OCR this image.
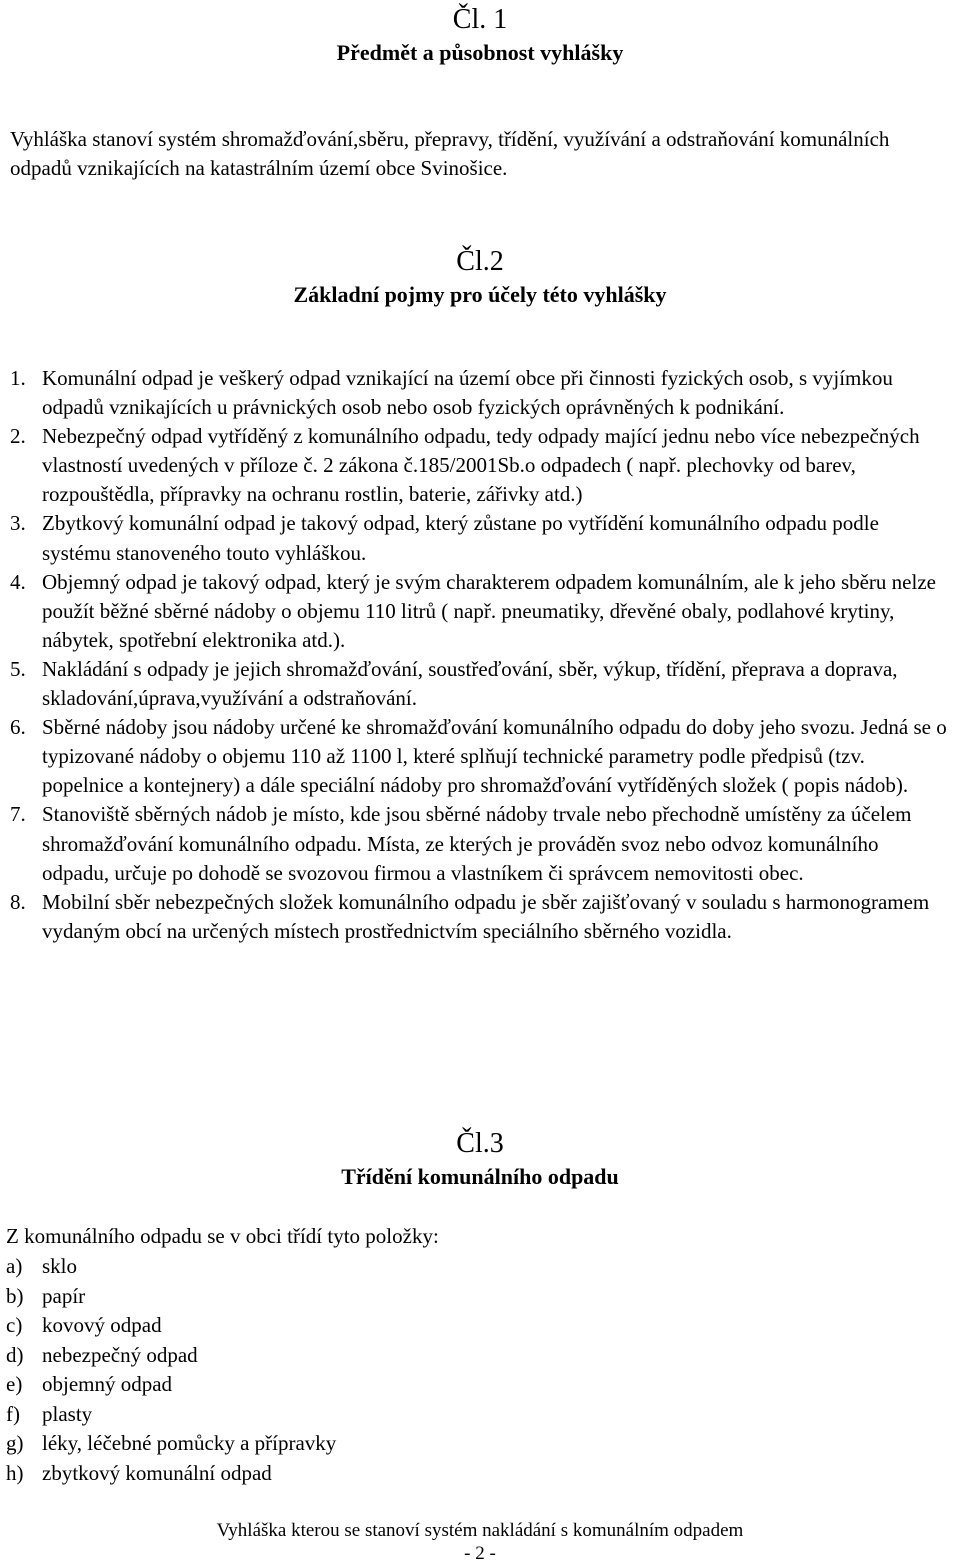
Čl. 1
Předmět a působnost vyhlášky

Vyhláška stanoví systém shromažďování,sběru, přepravy, třídění, využívání a odstraňování komunálních odpadů vznikajících na katastrálním území obce Svinošice.

Čl.2
Základní pojmy pro účely této vyhlášky
1. Komunální odpad je veškerý odpad vznikající na území obce při činnosti fyzických osob, s vyjímkou odpadů vznikajících u právnických osob nebo osob fyzických oprávněných k podnikání.
2. Nebezpečný odpad vytříděný z komunálního odpadu, tedy odpady mající jednu nebo více nebezpečných vlastností uvedených v příloze č. 2 zákona č.185/2001Sb.o odpadech ( např. plechovky od barev, rozpouštědla, přípravky na ochranu rostlin, baterie, zářivky atd.)
3. Zbytkový komunální odpad je takový odpad, který zůstane po vytřídění komunálního odpadu podle systému stanoveného touto vyhláškou.
4. Objemný odpad je takový odpad, který je svým charakterem odpadem komunálním, ale k jeho sběru nelze použít běžné sběrné nádoby o objemu 110 litrů ( např. pneumatiky, dřevěné obaly, podlahové krytiny, nábytek, spotřební elektronika atd.).
5. Nakládání s odpady je jejich shromažďování, soustřeďování, sběr, výkup, třídění, přeprava a doprava, skladování,úprava,využívání a odstraňování.
6. Sběrné nádoby jsou nádoby určené ke shromažďování komunálního odpadu do doby jeho svozu. Jedná se o typizované nádoby o objemu 110 až 1100 l, které splňují technické parametry podle předpisů (tzv. popelnice a kontejnery) a dále speciální nádoby pro shromažďování vytříděných složek ( popis nádob).
7. Stanoviště sběrných nádob je místo, kde jsou sběrné nádoby trvale nebo přechodně umístěny za účelem shromažďování komunálního odpadu. Místa, ze kterých je prováděn svoz nebo odvoz komunálního odpadu, určuje po dohodě se svozovou firmou a vlastníkem či správcem nemovitosti obec.
8. Mobilní sběr nebezpečných složek komunálního odpadu je sběr zajišťovaný v souladu s harmonogramem vydaným obcí na určených místech prostřednictvím speciálního sběrného vozidla.
Čl.3
Třídění komunálního odpadu

Z komunálního odpadu se v obci třídí tyto položky:

a) sklo
b) papír
c) kovový odpad
d) nebezpečný odpad
e) objemný odpad
f) plasty
g) léky, léčebné pomůcky a přípravky
h) zbytkový komunální odpad
Vyhláška kterou se stanoví systém nakládání s komunálním odpadem
- 2 -
